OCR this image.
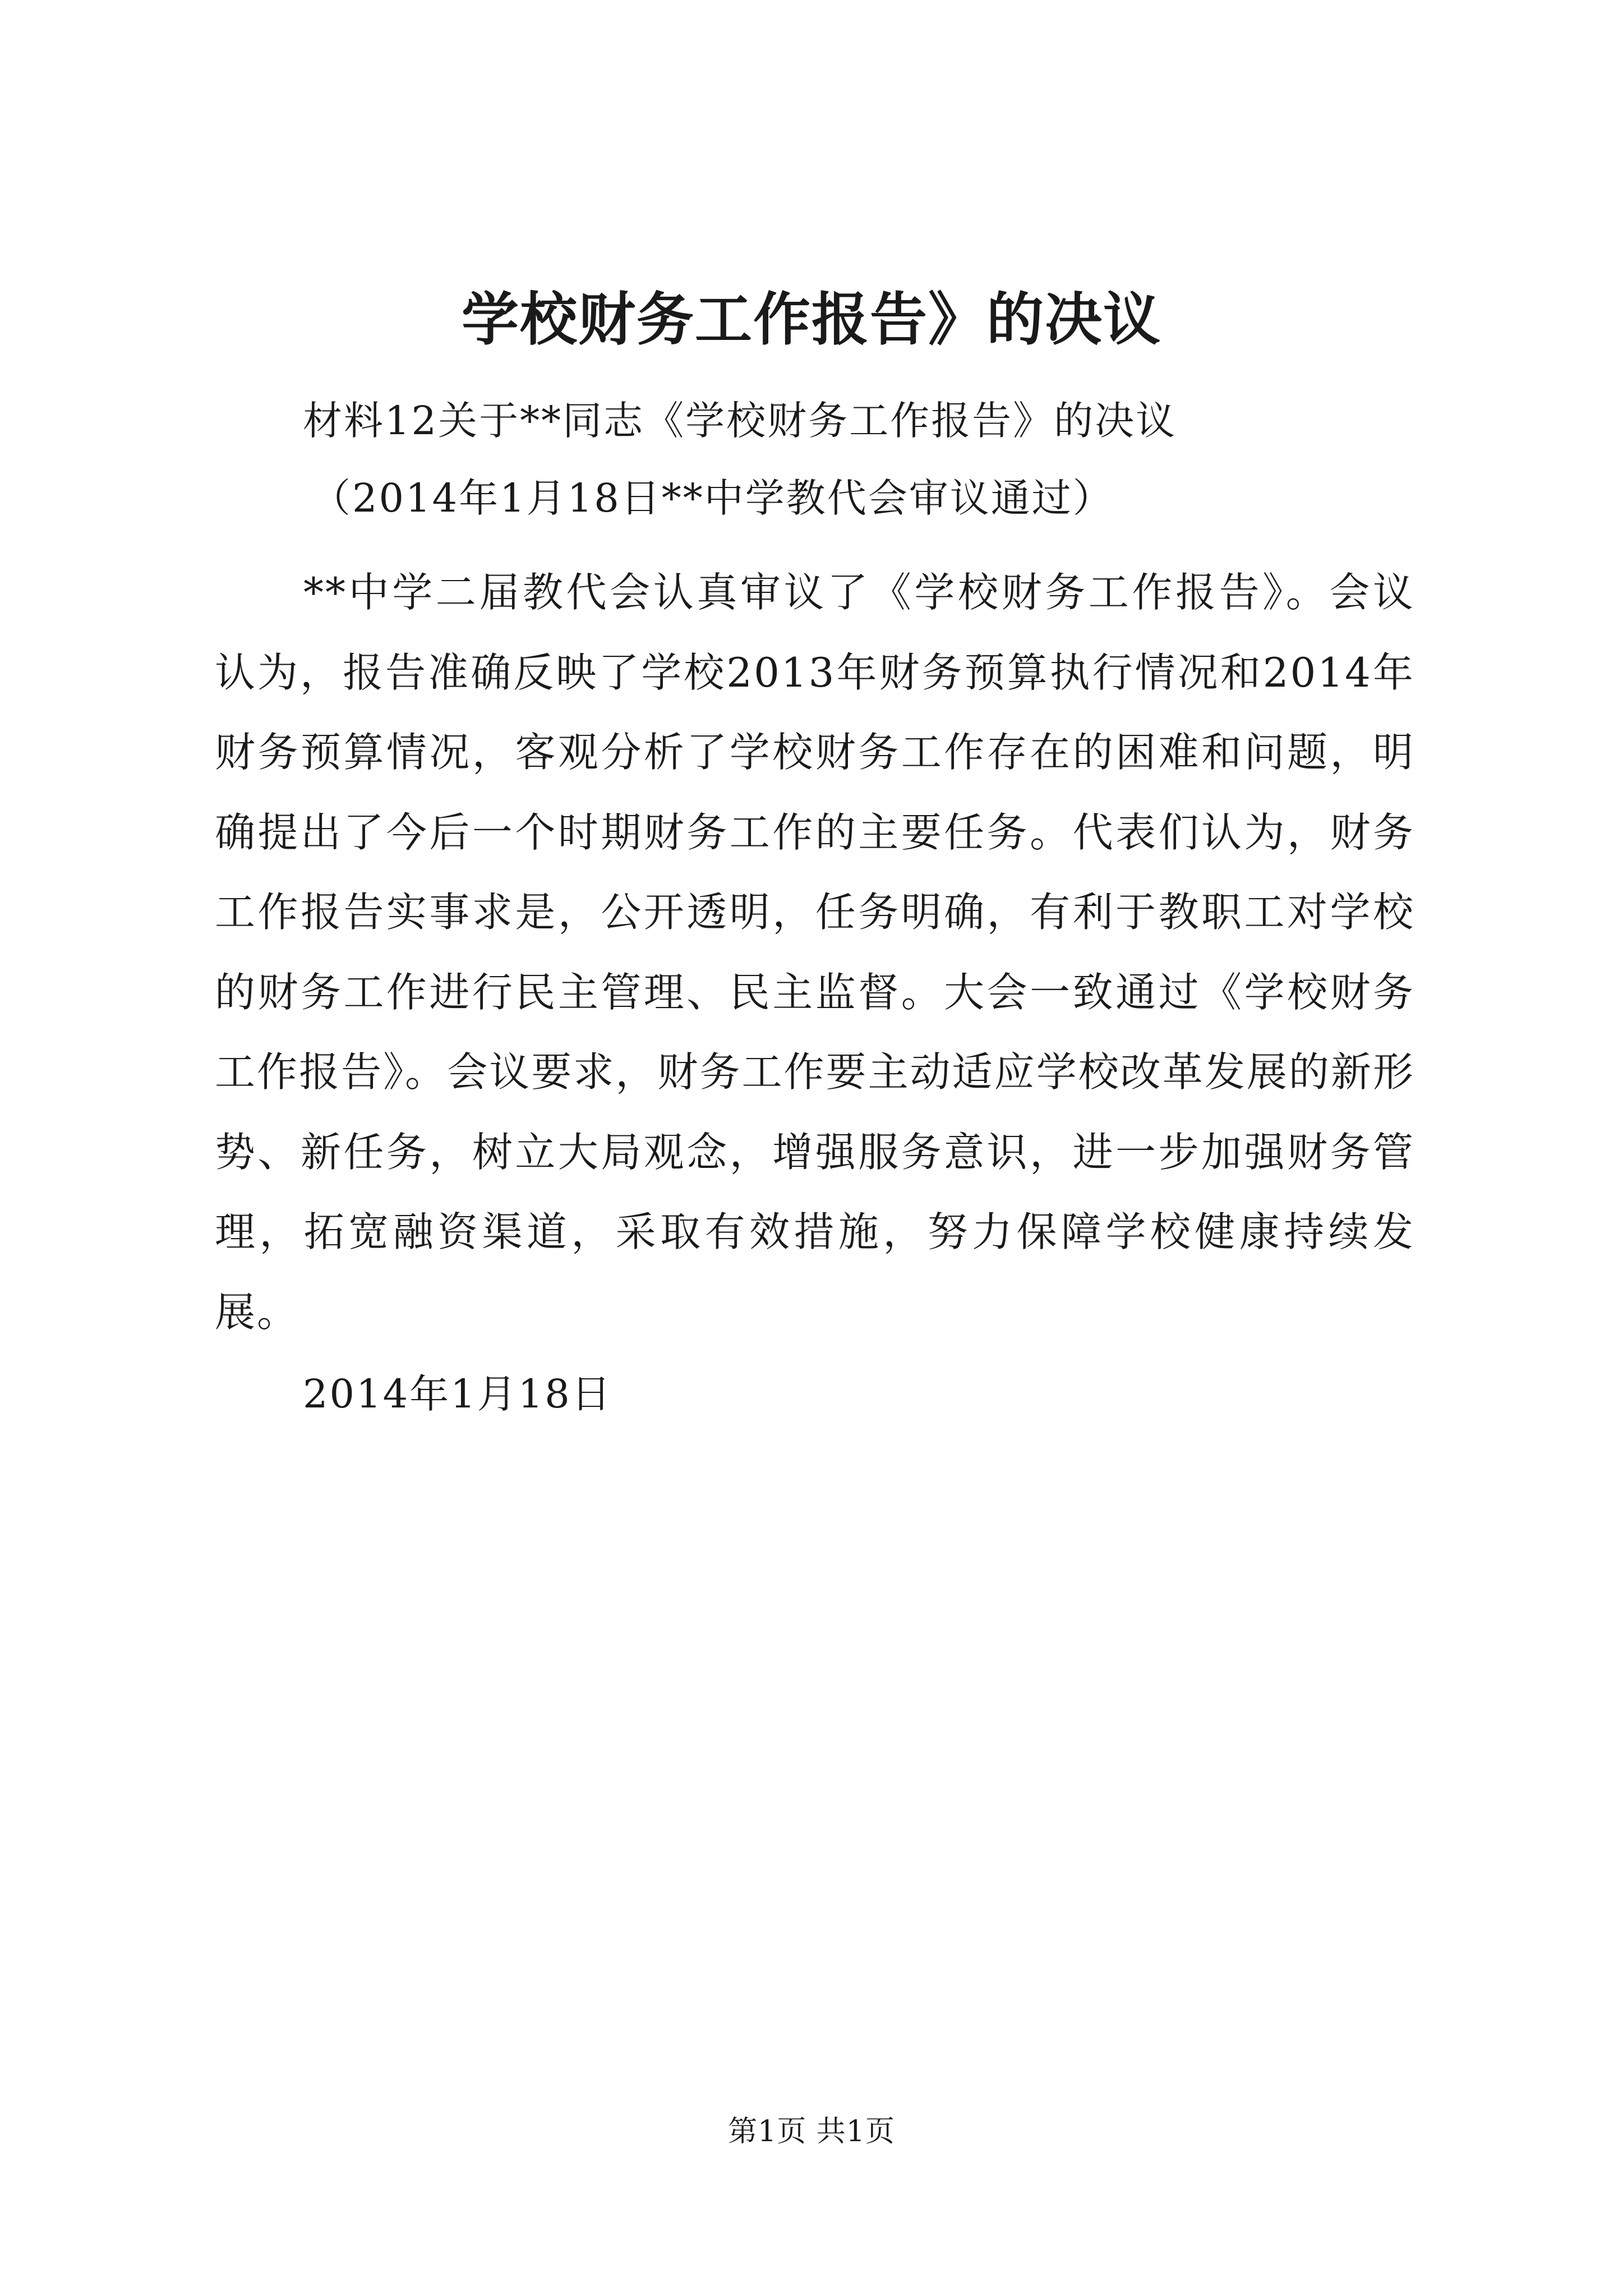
学校财务工作报告》的决议
材料12关于**同志《学校财务工作报告》的决议
（2014年1月18日**中学教代会审议通过）

**中学二届教代会认真审议了《学校财务工作报告》。会议认为，报告准确反映了学校2013年财务预算执行情况和2014年财务预算情况，客观分析了学校财务工作存在的困难和问题，明确提出了今后一个时期财务工作的主要任务。代表们认为，财务工作报告实事求是，公开透明，任务明确，有利于教职工对学校的财务工作进行民主管理、民主监督。大会一致通过《学校财务工作报告》。会议要求，财务工作要主动适应学校改革发展的新形势、新任务，树立大局观念，增强服务意识，进一步加强财务管理，拓宽融资渠道，采取有效措施，努力保障学校健康持续发展。

2014年1月18日
第1页 共1页
